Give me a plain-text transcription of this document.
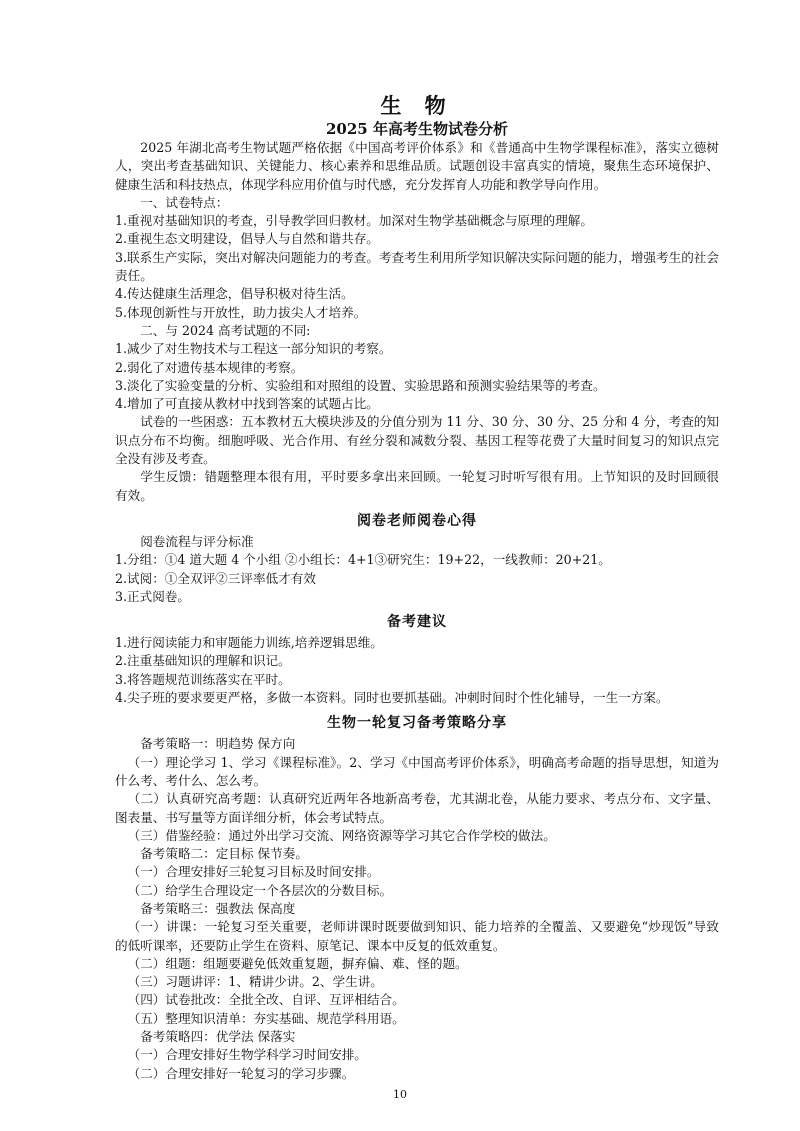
生 物
2025 年高考生物试卷分析

2025 年湖北高考生物试题严格依据《中国高考评价体系》和《普通高中生物学课程标准》，落实立德树人，突出考查基础知识、关键能力、核心素养和思维品质。试题创设丰富真实的情境，聚焦生态环境保护、健康生活和科技热点，体现学科应用价值与时代感，充分发挥育人功能和教学导向作用。

一、试卷特点：

1.重视对基础知识的考查，引导教学回归教材。加深对生物学基础概念与原理的理解。

2.重视生态文明建设，倡导人与自然和谐共存。

3.联系生产实际，突出对解决问题能力的考查。考查考生利用所学知识解决实际问题的能力，增强考生的社会责任。

4.传达健康生活理念，倡导积极对待生活。

5.体现创新性与开放性，助力拔尖人才培养。

二、与 2024 高考试题的不同:

1.减少了对生物技术与工程这一部分知识的考察。

2.弱化了对遗传基本规律的考察。

3.淡化了实验变量的分析、实验组和对照组的设置、实验思路和预测实验结果等的考查。

4.增加了可直接从教材中找到答案的试题占比。

试卷的一些困惑：五本教材五大模块涉及的分值分别为 11 分、30 分、30 分、25 分和 4 分，考查的知识点分布不均衡。细胞呼吸、光合作用、有丝分裂和减数分裂、基因工程等花费了大量时间复习的知识点完全没有涉及考查。

学生反馈：错题整理本很有用，平时要多拿出来回顾。一轮复习时听写很有用。上节知识的及时回顾很有效。

阅卷老师阅卷心得

阅卷流程与评分标准

1.分组：①4 道大题 4 个小组 ②小组长：4+1③研究生：19+22，一线教师：20+21。

2.试阅：①全双评②三评率低才有效

3.正式阅卷。

备考建议

1.进行阅读能力和审题能力训练,培养逻辑思维。

2.注重基础知识的理解和识记。

3.将答题规范训练落实在平时。

4.尖子班的要求要更严格，多做一本资料。同时也要抓基础。冲刺时间时个性化辅导，一生一方案。

生物一轮复习备考策略分享

备考策略一：明趋势 保方向

（一）理论学习 1、学习《课程标准》。2、学习《中国高考评价体系》，明确高考命题的指导思想，知道为什么考、考什么、怎么考。

（二）认真研究高考题：认真研究近两年各地新高考卷，尤其湖北卷，从能力要求、考点分布、文字量、图表量、书写量等方面详细分析，体会考试特点。

（三）借鉴经验：通过外出学习交流、网络资源等学习其它合作学校的做法。

备考策略二：定目标 保节奏。

（一）合理安排好三轮复习目标及时间安排。

（二）给学生合理设定一个各层次的分数目标。

备考策略三：强教法 保高度

（一）讲课：一轮复习至关重要，老师讲课时既要做到知识、能力培养的全覆盖、又要避免“炒现饭”导致的低听课率，还要防止学生在资料、原笔记、课本中反复的低效重复。

（二）组题：组题要避免低效重复题，摒弃偏、难、怪的题。

（三）习题讲评：1、精讲少讲。2、学生讲。

（四）试卷批改：全批全改、自评、互评相结合。

（五）整理知识清单：夯实基础、规范学科用语。

备考策略四：优学法 保落实

（一）合理安排好生物学科学习时间安排。

（二）合理安排好一轮复习的学习步骤。

10
